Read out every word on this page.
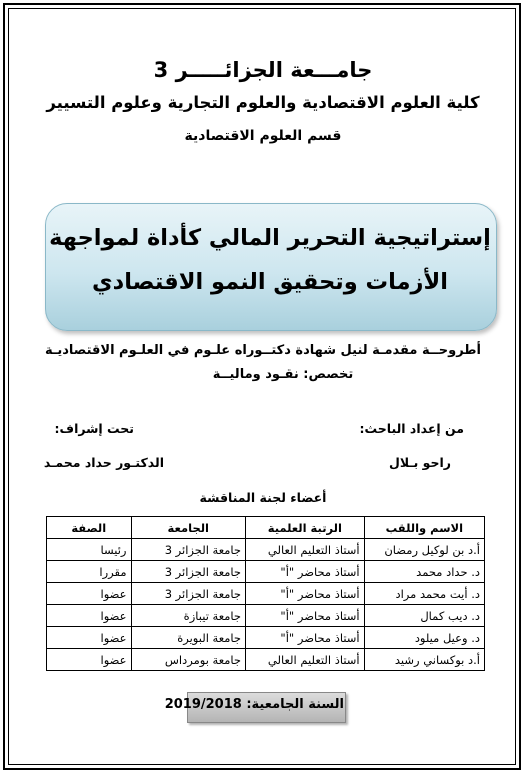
جامـــعة الجزائـــــر 3
كلية العلوم الاقتصادية والعلوم التجارية وعلوم التسيير
قسم العلوم الاقتصادية
إستراتيجية التحرير المالي كأداة لمواجهة
الأزمات وتحقيق النمو الاقتصادي
أطروحــة مقدمـة لنيل شهادة دكتــوراه علـوم في العلـوم الاقتصاديـة
تخصص: نقـود وماليــة
من إعداد الباحث:
تحت إشراف:
راحو بـلال
الدكتـور حداد محمـد
أعضاء لجنة المناقشة
الاسم واللقب	الرتبة العلمية	الجامعة	الصفة
أ.د بن لوكيل رمضان	أستاذ التعليم العالي	جامعة الجزائر 3	رئيسا
د. حداد محمد	أستاذ محاضر "أ"	جامعة الجزائر 3	مقررا
د. أيت محمد مراد	أستاذ محاضر "أ"	جامعة الجزائر 3	عضوا
د. ديب كمال	أستاذ محاضر "أ"	جامعة تيبازة	عضوا
د. وعيل ميلود	أستاذ محاضر "أ"	جامعة البويرة	عضوا
أ.د بوكساني رشيد	أستاذ التعليم العالي	جامعة بومرداس	عضوا
السنة الجامعية: 2019/2018
